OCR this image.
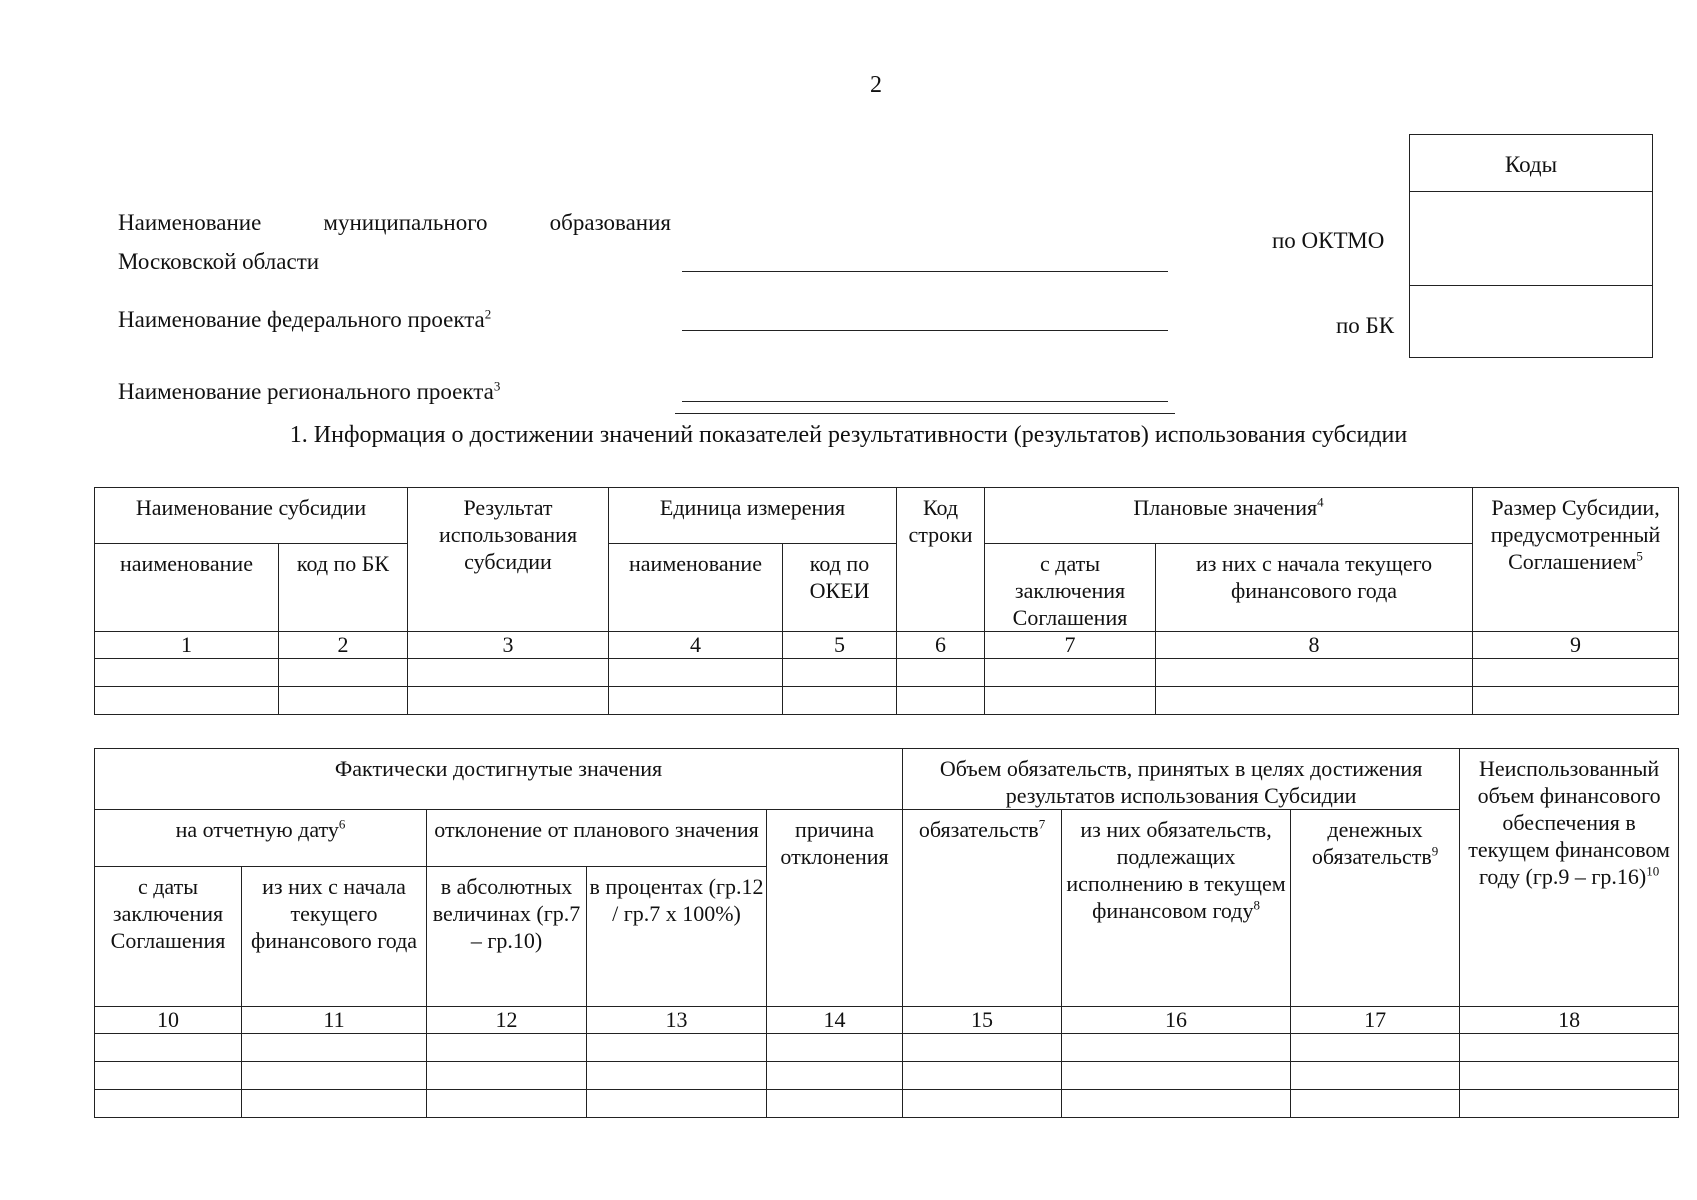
2
Наименование муниципального образования
Московской области
Наименование федерального проекта$^2$
Наименование регионального проекта$^3$
Коды
по ОКТМО
по БК
1. Информация о достижении значений показателей результативности (результатов) использования субсидии
Наименование субсидии		Результат использования субсидии	Единица измерения		Код строки	Плановые значения$^4$		Размер Субсидии, предусмотренный Соглашением$^5$
наименование	код по БК		наименование	код по ОКЕИ		с даты заключения Соглашения	из них с начала текущего финансового года	
1	2	3	4	5	6	7	8	9

Фактически достигнутые значения					Объем обязательств, принятых в целях достижения результатов использования Субсидии			Неиспользованный объем финансового обеспечения в текущем финансовом году (гр.9 – гр.16)$^{10}$
на отчетную дату$^6$		отклонение от планового значения		причина отклонения	обязательств$^7$	из них обязательств, подлежащих исполнению в текущем финансовом году$^8$	денежных обязательств$^9$
с даты заключения Соглашения	из них с начала текущего финансового года	в абсолютных величинах (гр.7 – гр.10)	в процентах (гр.12 / гр.7 х 100%)					
10	11	12	13	14	15	16	17	18
